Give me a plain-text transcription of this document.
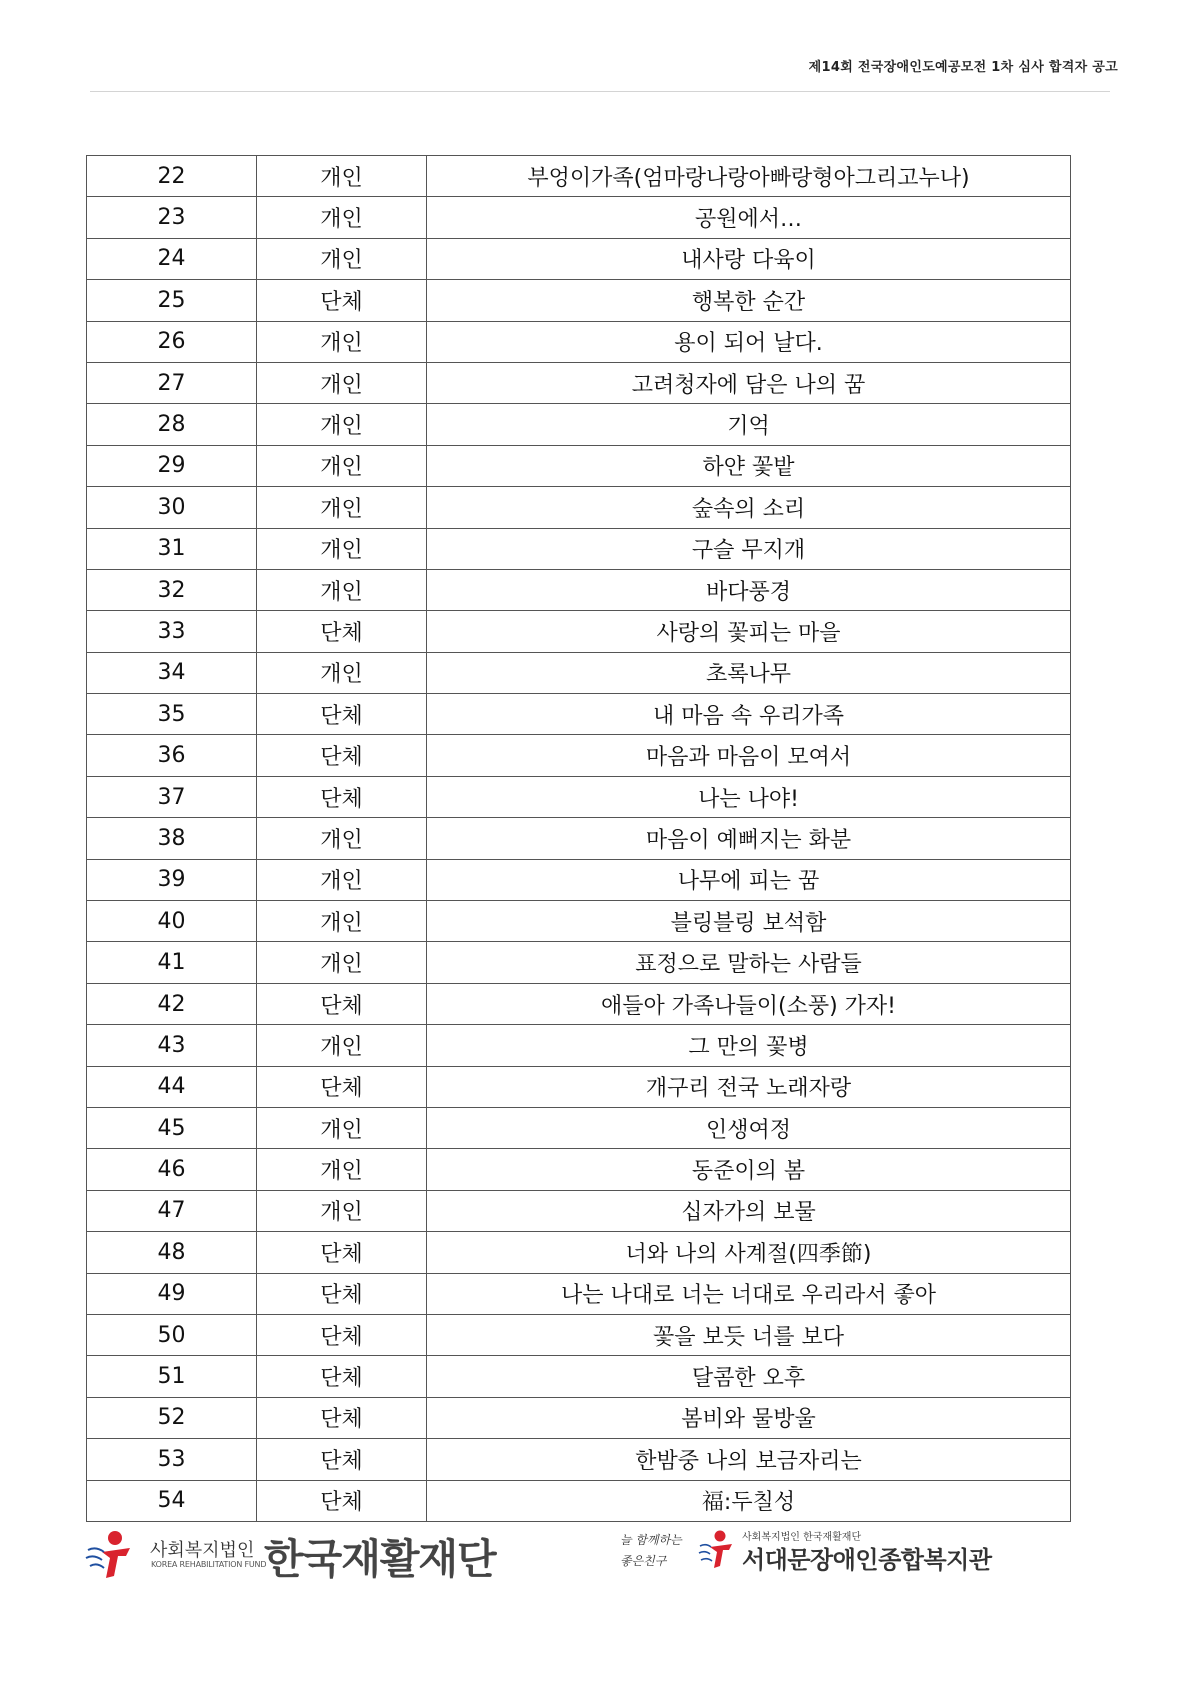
제14회 전국장애인도예공모전 1차 심사 합격자 공고
22	개인	부엉이가족(엄마랑나랑아빠랑형아그리고누나)
23	개인	공원에서…
24	개인	내사랑 다육이
25	단체	행복한 순간
26	개인	용이 되어 날다.
27	개인	고려청자에 담은 나의 꿈
28	개인	기억
29	개인	하얀 꽃밭
30	개인	숲속의 소리
31	개인	구슬 무지개
32	개인	바다풍경
33	단체	사랑의 꽃피는 마을
34	개인	초록나무
35	단체	내 마음 속 우리가족
36	단체	마음과 마음이 모여서
37	단체	나는 나야!
38	개인	마음이 예뻐지는 화분
39	개인	나무에 피는 꿈
40	개인	블링블링 보석함
41	개인	표정으로 말하는 사람들
42	단체	애들아 가족나들이(소풍) 가자!
43	개인	그 만의 꽃병
44	단체	개구리 전국 노래자랑
45	개인	인생여정
46	개인	동준이의 봄
47	개인	십자가의 보물
48	단체	너와 나의 사계절(四季節)
49	단체	나는 나대로 너는 너대로 우리라서 좋아
50	단체	꽃을 보듯 너를 보다
51	단체	달콤한 오후
52	단체	봄비와 물방울
53	단체	한밤중 나의 보금자리는
54	단체	福:두칠성
사회복지법인
KOREA REHABILITATION FUND
한국재활재단	늘 함께하는
좋은친구
사회복지법인 한국재활재단
서대문장애인종합복지관
